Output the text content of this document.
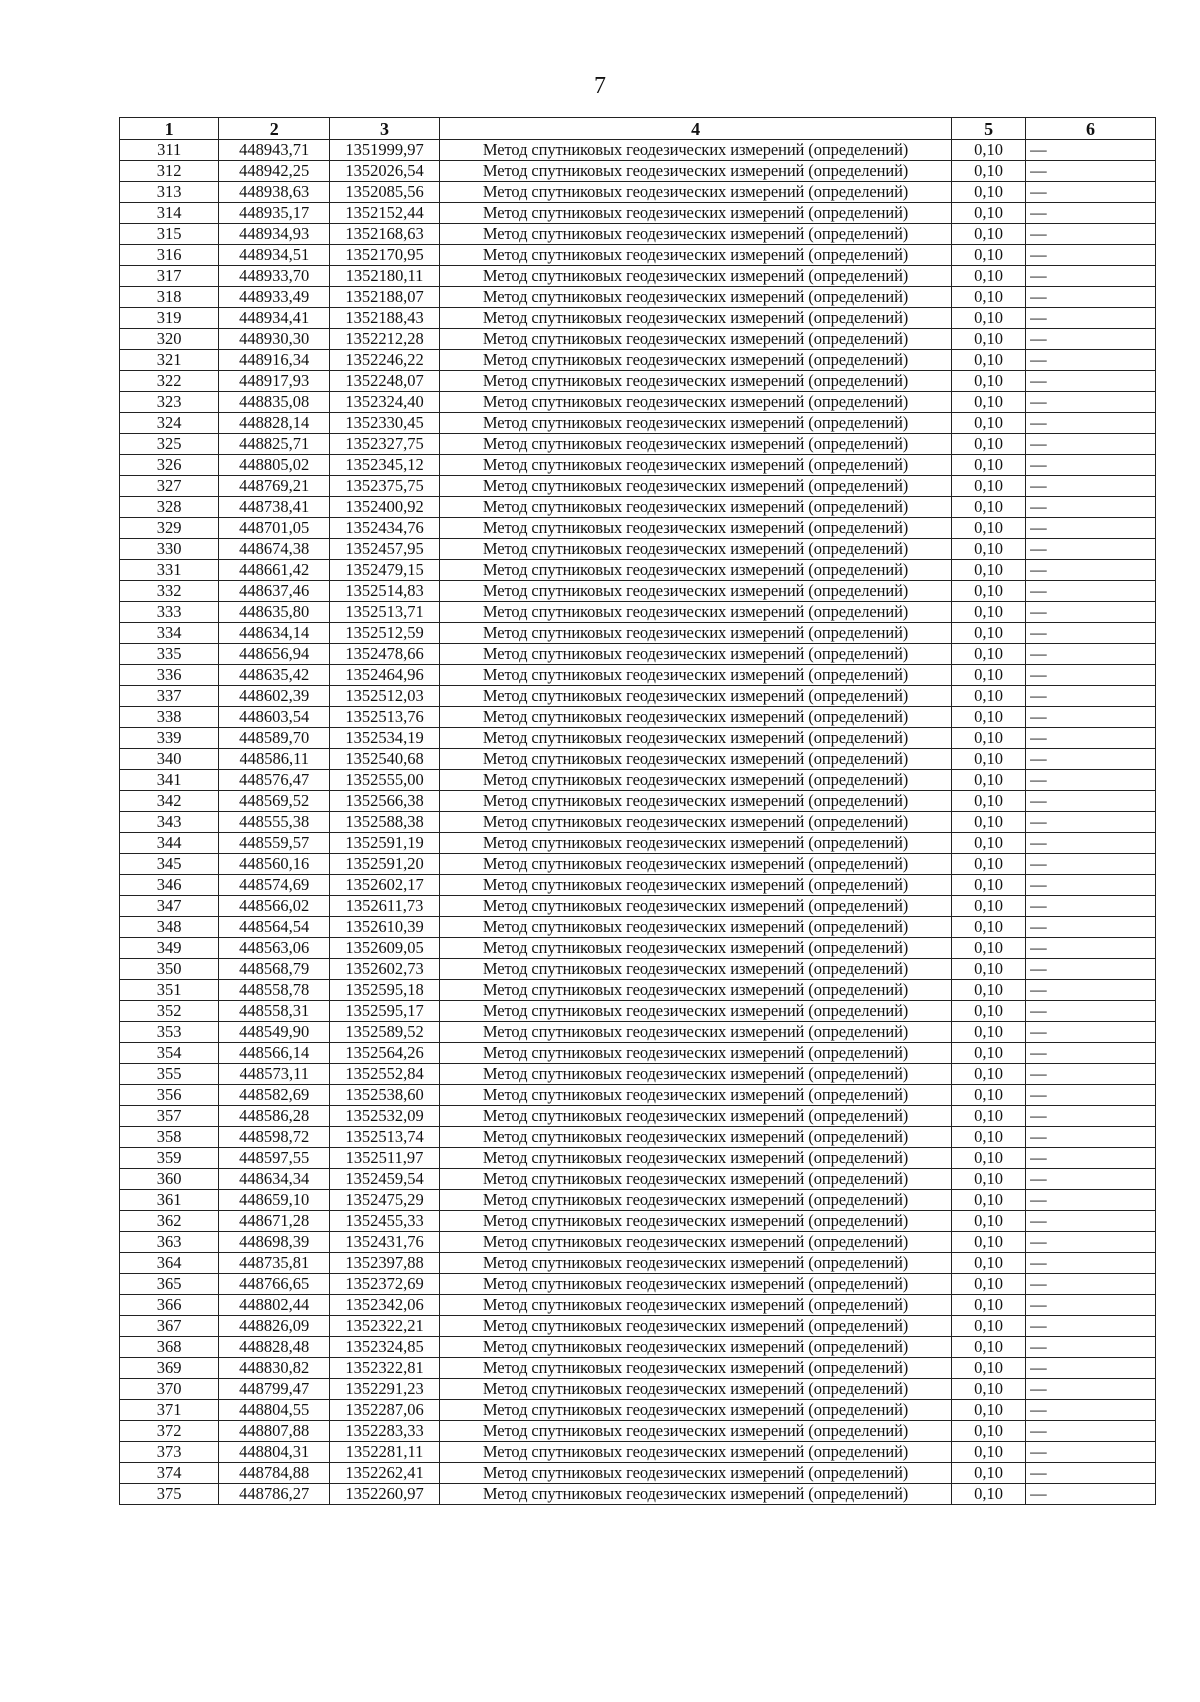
7
1	2	3	4	5	6
311	448943,71	1351999,97	Метод спутниковых геодезических измерений (определений)	0,10	—
312	448942,25	1352026,54	Метод спутниковых геодезических измерений (определений)	0,10	—
313	448938,63	1352085,56	Метод спутниковых геодезических измерений (определений)	0,10	—
314	448935,17	1352152,44	Метод спутниковых геодезических измерений (определений)	0,10	—
315	448934,93	1352168,63	Метод спутниковых геодезических измерений (определений)	0,10	—
316	448934,51	1352170,95	Метод спутниковых геодезических измерений (определений)	0,10	—
317	448933,70	1352180,11	Метод спутниковых геодезических измерений (определений)	0,10	—
318	448933,49	1352188,07	Метод спутниковых геодезических измерений (определений)	0,10	—
319	448934,41	1352188,43	Метод спутниковых геодезических измерений (определений)	0,10	—
320	448930,30	1352212,28	Метод спутниковых геодезических измерений (определений)	0,10	—
321	448916,34	1352246,22	Метод спутниковых геодезических измерений (определений)	0,10	—
322	448917,93	1352248,07	Метод спутниковых геодезических измерений (определений)	0,10	—
323	448835,08	1352324,40	Метод спутниковых геодезических измерений (определений)	0,10	—
324	448828,14	1352330,45	Метод спутниковых геодезических измерений (определений)	0,10	—
325	448825,71	1352327,75	Метод спутниковых геодезических измерений (определений)	0,10	—
326	448805,02	1352345,12	Метод спутниковых геодезических измерений (определений)	0,10	—
327	448769,21	1352375,75	Метод спутниковых геодезических измерений (определений)	0,10	—
328	448738,41	1352400,92	Метод спутниковых геодезических измерений (определений)	0,10	—
329	448701,05	1352434,76	Метод спутниковых геодезических измерений (определений)	0,10	—
330	448674,38	1352457,95	Метод спутниковых геодезических измерений (определений)	0,10	—
331	448661,42	1352479,15	Метод спутниковых геодезических измерений (определений)	0,10	—
332	448637,46	1352514,83	Метод спутниковых геодезических измерений (определений)	0,10	—
333	448635,80	1352513,71	Метод спутниковых геодезических измерений (определений)	0,10	—
334	448634,14	1352512,59	Метод спутниковых геодезических измерений (определений)	0,10	—
335	448656,94	1352478,66	Метод спутниковых геодезических измерений (определений)	0,10	—
336	448635,42	1352464,96	Метод спутниковых геодезических измерений (определений)	0,10	—
337	448602,39	1352512,03	Метод спутниковых геодезических измерений (определений)	0,10	—
338	448603,54	1352513,76	Метод спутниковых геодезических измерений (определений)	0,10	—
339	448589,70	1352534,19	Метод спутниковых геодезических измерений (определений)	0,10	—
340	448586,11	1352540,68	Метод спутниковых геодезических измерений (определений)	0,10	—
341	448576,47	1352555,00	Метод спутниковых геодезических измерений (определений)	0,10	—
342	448569,52	1352566,38	Метод спутниковых геодезических измерений (определений)	0,10	—
343	448555,38	1352588,38	Метод спутниковых геодезических измерений (определений)	0,10	—
344	448559,57	1352591,19	Метод спутниковых геодезических измерений (определений)	0,10	—
345	448560,16	1352591,20	Метод спутниковых геодезических измерений (определений)	0,10	—
346	448574,69	1352602,17	Метод спутниковых геодезических измерений (определений)	0,10	—
347	448566,02	1352611,73	Метод спутниковых геодезических измерений (определений)	0,10	—
348	448564,54	1352610,39	Метод спутниковых геодезических измерений (определений)	0,10	—
349	448563,06	1352609,05	Метод спутниковых геодезических измерений (определений)	0,10	—
350	448568,79	1352602,73	Метод спутниковых геодезических измерений (определений)	0,10	—
351	448558,78	1352595,18	Метод спутниковых геодезических измерений (определений)	0,10	—
352	448558,31	1352595,17	Метод спутниковых геодезических измерений (определений)	0,10	—
353	448549,90	1352589,52	Метод спутниковых геодезических измерений (определений)	0,10	—
354	448566,14	1352564,26	Метод спутниковых геодезических измерений (определений)	0,10	—
355	448573,11	1352552,84	Метод спутниковых геодезических измерений (определений)	0,10	—
356	448582,69	1352538,60	Метод спутниковых геодезических измерений (определений)	0,10	—
357	448586,28	1352532,09	Метод спутниковых геодезических измерений (определений)	0,10	—
358	448598,72	1352513,74	Метод спутниковых геодезических измерений (определений)	0,10	—
359	448597,55	1352511,97	Метод спутниковых геодезических измерений (определений)	0,10	—
360	448634,34	1352459,54	Метод спутниковых геодезических измерений (определений)	0,10	—
361	448659,10	1352475,29	Метод спутниковых геодезических измерений (определений)	0,10	—
362	448671,28	1352455,33	Метод спутниковых геодезических измерений (определений)	0,10	—
363	448698,39	1352431,76	Метод спутниковых геодезических измерений (определений)	0,10	—
364	448735,81	1352397,88	Метод спутниковых геодезических измерений (определений)	0,10	—
365	448766,65	1352372,69	Метод спутниковых геодезических измерений (определений)	0,10	—
366	448802,44	1352342,06	Метод спутниковых геодезических измерений (определений)	0,10	—
367	448826,09	1352322,21	Метод спутниковых геодезических измерений (определений)	0,10	—
368	448828,48	1352324,85	Метод спутниковых геодезических измерений (определений)	0,10	—
369	448830,82	1352322,81	Метод спутниковых геодезических измерений (определений)	0,10	—
370	448799,47	1352291,23	Метод спутниковых геодезических измерений (определений)	0,10	—
371	448804,55	1352287,06	Метод спутниковых геодезических измерений (определений)	0,10	—
372	448807,88	1352283,33	Метод спутниковых геодезических измерений (определений)	0,10	—
373	448804,31	1352281,11	Метод спутниковых геодезических измерений (определений)	0,10	—
374	448784,88	1352262,41	Метод спутниковых геодезических измерений (определений)	0,10	—
375	448786,27	1352260,97	Метод спутниковых геодезических измерений (определений)	0,10	—
